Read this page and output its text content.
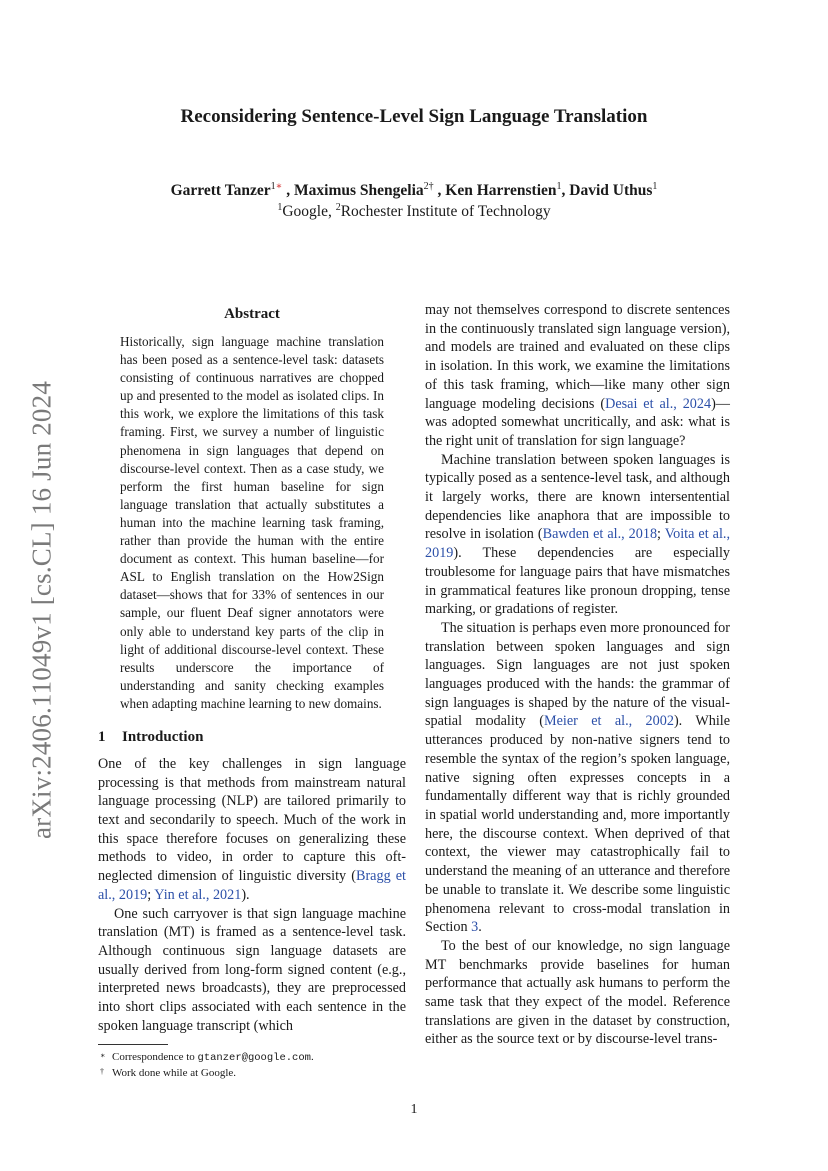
arXiv:2406.11049v1 [cs.CL] 16 Jun 2024
Reconsidering Sentence-Level Sign Language Translation
Garrett Tanzer$^{1∗}$ , Maximus Shengelia$^{2\dagger}$ , Ken Harrenstien$^1$, David Uthus$^1$
$^1$Google, $^2$Rochester Institute of Technology
Abstract

Historically, sign language machine translation has been posed as a sentence-level task: datasets consisting of continuous narratives are chopped up and presented to the model as isolated clips. In this work, we explore the limitations of this task framing. First, we survey a number of linguistic phenomena in sign languages that depend on discourse-level context. Then as a case study, we perform the first human baseline for sign language translation that actually substitutes a human into the machine learning task framing, rather than provide the human with the entire document as context. This human baseline—for ASL to English translation on the How2Sign dataset—shows that for 33% of sentences in our sample, our fluent Deaf signer annotators were only able to understand key parts of the clip in light of additional discourse-level context. These results underscore the importance of understanding and sanity checking examples when adapting machine learning to new domains.

1 Introduction

One of the key challenges in sign language processing is that methods from mainstream natural language processing (NLP) are tailored primarily to text and secondarily to speech. Much of the work in this space therefore focuses on generalizing these methods to video, in order to capture this oft-neglected dimension of linguistic diversity (Bragg et al., 2019; Yin et al., 2021).

One such carryover is that sign language machine translation (MT) is framed as a sentence-level task. Although continuous sign language datasets are usually derived from long-form signed content (e.g., interpreted news broadcasts), they are preprocessed into short clips associated with each sentence in the spoken language transcript (which

may not themselves correspond to discrete sentences in the continuously translated sign language version), and models are trained and evaluated on these clips in isolation. In this work, we examine the limitations of this task framing, which—like many other sign language modeling decisions (Desai et al., 2024)—was adopted somewhat uncritically, and ask: what is the right unit of translation for sign language?

Machine translation between spoken languages is typically posed as a sentence-level task, and although it largely works, there are known intersentential dependencies like anaphora that are impossible to resolve in isolation (Bawden et al., 2018; Voita et al., 2019). These dependencies are especially troublesome for language pairs that have mismatches in grammatical features like pronoun dropping, tense marking, or gradations of register.

The situation is perhaps even more pronounced for translation between spoken languages and sign languages. Sign languages are not just spoken languages produced with the hands: the grammar of sign languages is shaped by the nature of the visual-spatial modality (Meier et al., 2002). While utterances produced by non-native signers tend to resemble the syntax of the region’s spoken language, native signing often expresses concepts in a fundamentally different way that is richly grounded in spatial world understanding and, more importantly here, the discourse context. When deprived of that context, the viewer may catastrophically fail to understand the meaning of an utterance and therefore be unable to translate it. We describe some linguistic phenomena relevant to cross-modal translation in Section 3.

To the best of our knowledge, no sign language MT benchmarks provide baselines for human performance that actually ask humans to perform the same task that they expect of the model. Reference translations are given in the dataset by construction, either as the source text or by discourse-level trans-

∗ Correspondence to gtanzer@google.com.
† Work done while at Google.
1
